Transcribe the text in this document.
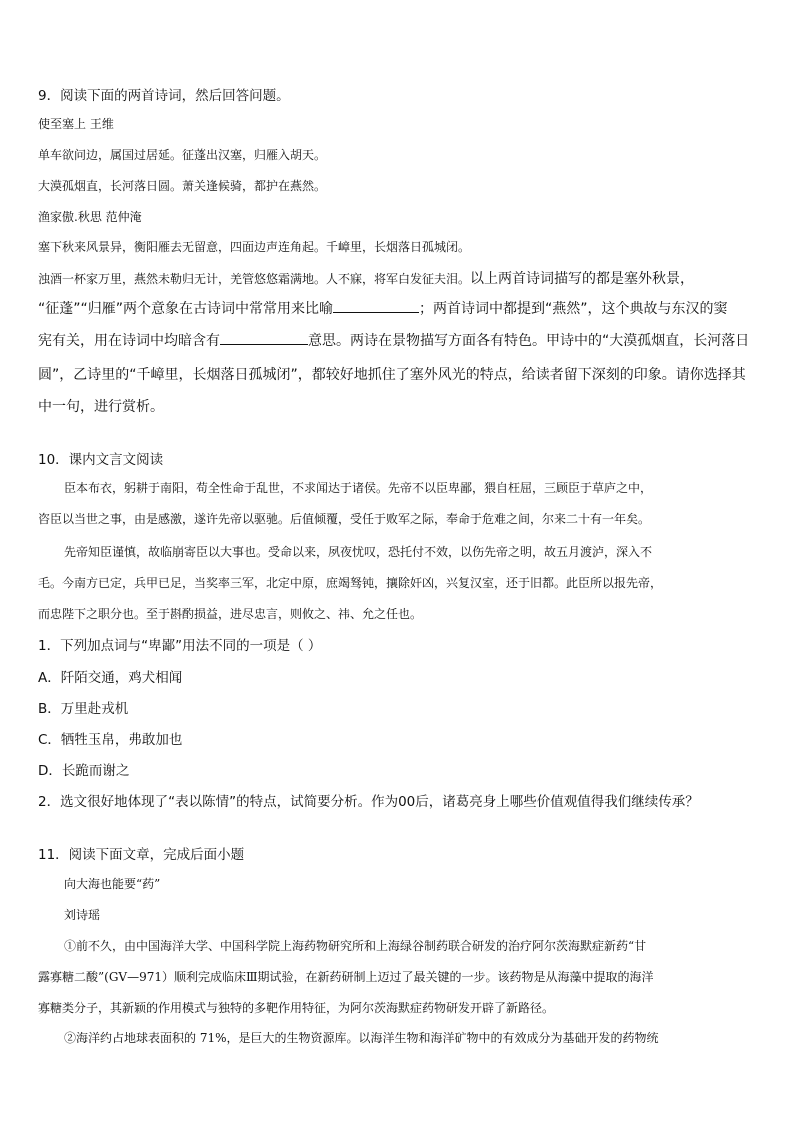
9．阅读下面的两首诗词，然后回答问题。
使至塞上 王维
单车欲问边，属国过居延。征蓬出汉塞，归雁入胡天。
大漠孤烟直，长河落日圆。萧关逢候骑，都护在燕然。
渔家傲.秋思 范仲淹
塞下秋来风景异，衡阳雁去无留意，四面边声连角起。千嶂里，长烟落日孤城闭。
浊酒一杯家万里，燕然未勒归无计，羌管悠悠霜满地。人不寐，将军白发征夫泪。以上两首诗词描写的都是塞外秋景，
“征蓬”“归雁”两个意象在古诗词中常常用来比喻	；两首诗词中都提到“燕然”，这个典故与东汉的窦
宪有关，用在诗词中均暗含有	意思。两诗在景物描写方面各有特色。甲诗中的“大漠孤烟直，长河落日
圆”，乙诗里的“千嶂里，长烟落日孤城闭”，都较好地抓住了塞外风光的特点，给读者留下深刻的印象。请你选择其
中一句，进行赏析。
10．课内文言文阅读
臣本布衣，躬耕于南阳，苟全性命于乱世，不求闻达于诸侯。先帝不以臣卑鄙，猥自枉屈，三顾臣于草庐之中，
咨臣以当世之事，由是感激，遂许先帝以驱驰。后值倾覆，受任于败军之际，奉命于危难之间，尔来二十有一年矣。
先帝知臣谨慎，故临崩寄臣以大事也。受命以来，夙夜忧叹，恐托付不效，以伤先帝之明，故五月渡泸，深入不
毛。今南方已定，兵甲已足，当奖率三军，北定中原，庶竭驽钝，攘除奸凶，兴复汉室，还于旧都。此臣所以报先帝，
而忠陛下之职分也。至于斟酌损益，进尽忠言，则攸之、祎、允之任也。
1．下列加点词与“卑鄙”用法不同的一项是（ ）
A．阡陌交通，鸡犬相闻
B．万里赴戎机
C．牺牲玉帛，弗敢加也
D．长跪而谢之
2．选文很好地体现了“表以陈情”的特点，试简要分析。作为00后，诸葛亮身上哪些价值观值得我们继续传承？
11．阅读下面文章，完成后面小题
向大海也能要“药”
刘诗瑶
①前不久，由中国海洋大学、中国科学院上海药物研究所和上海绿谷制药联合研发的治疗阿尔茨海默症新药“甘
露寡糖二酸”(GV—971）顺利完成临床Ⅲ期试验，在新药研制上迈过了最关键的一步。该药物是从海藻中提取的海洋
寡糖类分子，其新颖的作用模式与独特的多靶作用特征，为阿尔茨海默症药物研发开辟了新路径。
②海洋约占地球表面积的 71%，是巨大的生物资源库。以海洋生物和海洋矿物中的有效成分为基础开发的药物统
